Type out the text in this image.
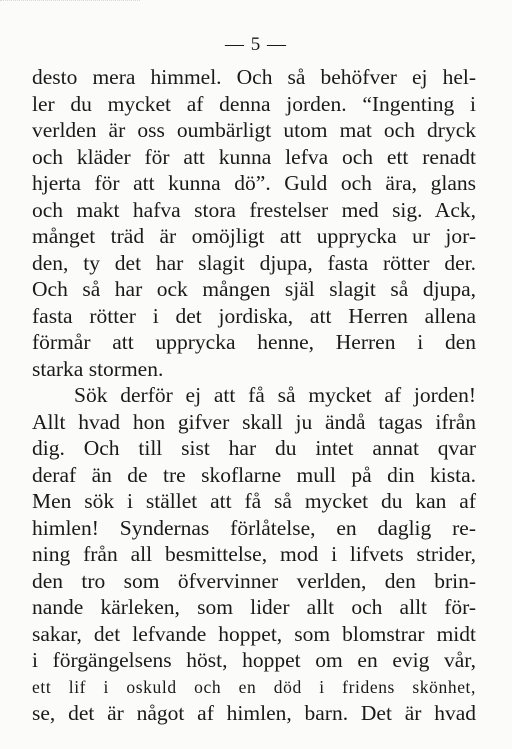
— 5 —
desto mera himmel. Och så behöfver ej hel-
ler du mycket af denna jorden. “Ingenting i
verlden är oss oumbärligt utom mat och dryck
och kläder för att kunna lefva och ett renadt
hjerta för att kunna dö”. Guld och ära, glans
och makt hafva stora frestelser med sig. Ack,
månget träd är omöjligt att upprycka ur jor-
den, ty det har slagit djupa, fasta rötter der.
Och så har ock mången själ slagit så djupa,
fasta rötter i det jordiska, att Herren allena
förmår att upprycka henne, Herren i den
starka stormen.
Sök derför ej att få så mycket af jorden!
Allt hvad hon gifver skall ju ändå tagas ifrån
dig. Och till sist har du intet annat qvar
deraf än de tre skoflarne mull på din kista.
Men sök i stället att få så mycket du kan af
himlen! Syndernas förlåtelse, en daglig re-
ning från all besmittelse, mod i lifvets strider,
den tro som öfvervinner verlden, den brin-
nande kärleken, som lider allt och allt för-
sakar, det lefvande hoppet, som blomstrar midt
i förgängelsens höst, hoppet om en evig vår,
ett lif i oskuld och en död i fridens skönhet,
se, det är något af himlen, barn. Det är hvad
